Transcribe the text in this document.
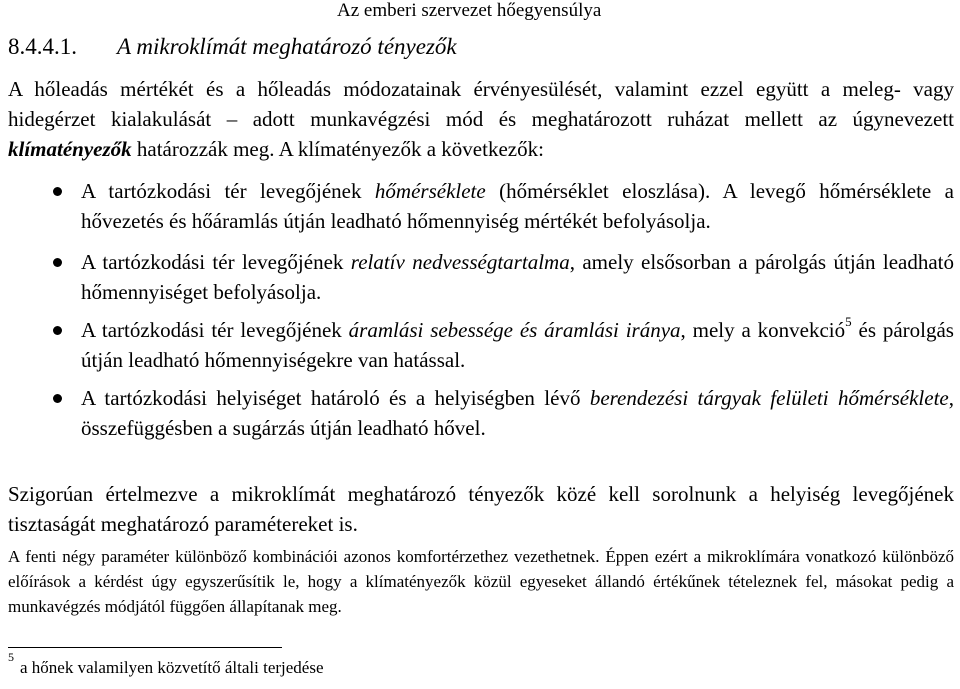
Az emberi szervezet hőegyensúlya
8.4.4.1. A mikroklímát meghatározó tényezők

A hőleadás mértékét és a hőleadás módozatainak érvényesülését, valamint ezzel együtt a meleg- vagy hidegérzet kialakulását – adott munkavégzési mód és meghatározott ruházat mellett az úgynevezett klímatényezők határozzák meg. A klímatényezők a következők:

A tartózkodási tér levegőjének hőmérséklete (hőmérséklet eloszlása). A levegő hőmérséklete a hővezetés és hőáramlás útján leadható hőmennyiség mértékét befolyásolja.
A tartózkodási tér levegőjének relatív nedvességtartalma, amely elsősorban a párolgás útján leadható hőmennyiséget befolyásolja.
A tartózkodási tér levegőjének áramlási sebessége és áramlási iránya, mely a konvekció$^5$ és párolgás útján leadható hőmennyiségekre van hatással.
A tartózkodási helyiséget határoló és a helyiségben lévő berendezési tárgyak felületi hőmérséklete, összefüggésben a sugárzás útján leadható hővel.

Szigorúan értelmezve a mikroklímát meghatározó tényezők közé kell sorolnunk a helyiség levegőjének tisztaságát meghatározó paramétereket is.

A fenti négy paraméter különböző kombinációi azonos komfortérzethez vezethetnek. Éppen ezért a mikroklímára vonatkozó különböző előírások a kérdést úgy egyszerűsítik le, hogy a klímatényezők közül egyeseket állandó értékűnek tételeznek fel, másokat pedig a munkavégzés módjától függően állapítanak meg.

$^5$a hőnek valamilyen közvetítő általi terjedése
